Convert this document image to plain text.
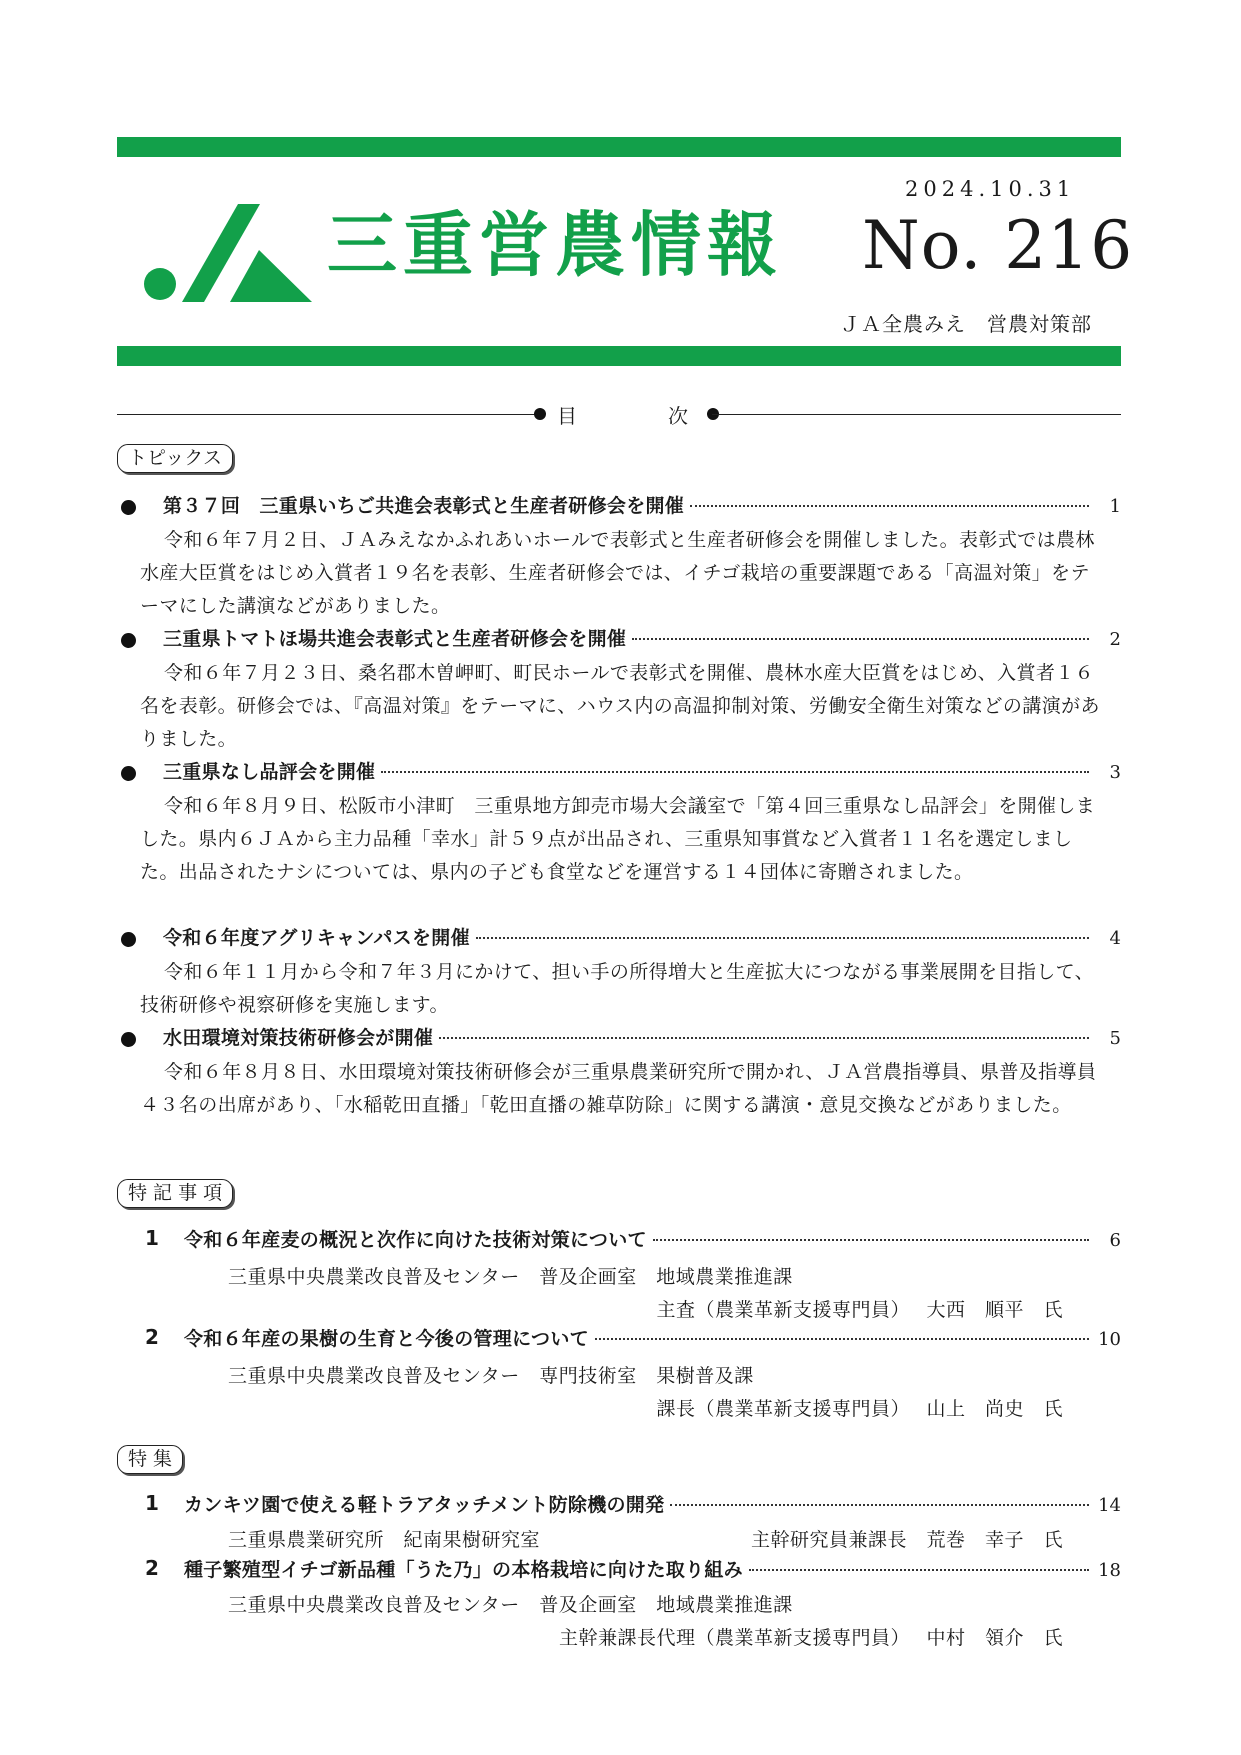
三重営農情報
2024.10.31
No. 216
ＪＡ全農みえ　営農対策部
目	次
トピックス
第３７回　三重県いちご共進会表彰式と生産者研修会を開催	1

令和６年７月２日、ＪＡみえなかふれあいホールで表彰式と生産者研修会を開催しました。表彰式では農林水産大臣賞をはじめ入賞者１９名を表彰、生産者研修会では、イチゴ栽培の重要課題である「高温対策」をテーマにした講演などがありました。

三重県トマトほ場共進会表彰式と生産者研修会を開催	2

令和６年７月２３日、桑名郡木曽岬町、町民ホールで表彰式を開催、農林水産大臣賞をはじめ、入賞者１６名を表彰。研修会では、『高温対策』をテーマに、ハウス内の高温抑制対策、労働安全衛生対策などの講演がありました。

三重県なし品評会を開催	3

令和６年８月９日、松阪市小津町　三重県地方卸売市場大会議室で「第４回三重県なし品評会」を開催しました。県内６ＪＡから主力品種「幸水」計５９点が出品され、三重県知事賞など入賞者１１名を選定しました。出品されたナシについては、県内の子ども食堂などを運営する１４団体に寄贈されました。

令和６年度アグリキャンパスを開催	4

令和６年１１月から令和７年３月にかけて、担い手の所得増大と生産拡大につながる事業展開を目指して、技術研修や視察研修を実施します。

水田環境対策技術研修会が開催	5

令和６年８月８日、水田環境対策技術研修会が三重県農業研究所で開かれ、ＪＡ営農指導員、県普及指導員４３名の出席があり、「水稲乾田直播」「乾田直播の雑草防除」に関する講演・意見交換などがありました。

特 記 事 項
1 令和６年産麦の概況と次作に向けた技術対策について	6
三重県中央農業改良普及センター　普及企画室　地域農業推進課
主査（農業革新支援専門員）　 大西　順平　氏
2 令和６年産の果樹の生育と今後の管理について	10
三重県中央農業改良普及センター　専門技術室　果樹普及課
課長（農業革新支援専門員）　 山上　尚史　氏
特 集
1 カンキツ園で使える軽トラアタッチメント防除機の開発	14
三重県農業研究所　紀南果樹研究室	主幹研究員兼課長　荒巻　幸子　氏
2 種子繁殖型イチゴ新品種「うた乃」の本格栽培に向けた取り組み	18
三重県中央農業改良普及センター　普及企画室　地域農業推進課
主幹兼課長代理（農業革新支援専門員）　 中村　領介　氏
